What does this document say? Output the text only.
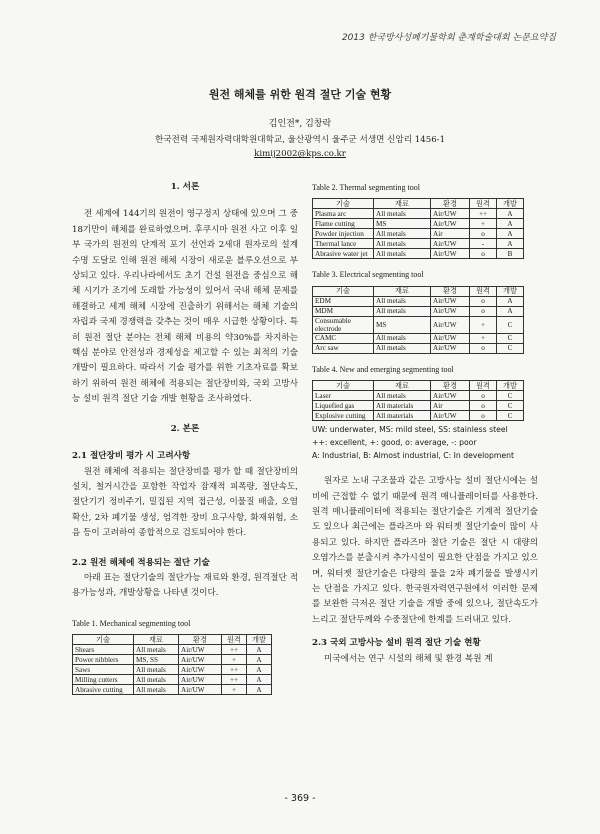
2013 한국방사성폐기물학회 춘계학술대회 논문요약집
원전 해체를 위한 원격 절단 기술 현황
김인전*, 김창락
한국전력 국제원자력대학원대학교, 울산광역시 울주군 서생면 신암리 1456-1
kimij2002@kps.co.kr
1. 서론

전 세계에 144기의 원전이 영구정지 상태에 있으며 그 중 18기만이 해체를 완료하였으며. 후쿠시마 원전 사고 이후 일부 국가의 원전의 단계적 포기 선언과 2세대 원자로의 설계수명 도달로 인해 원전 해체 시장이 새로운 블루오션으로 부상되고 있다. 우리나라에서도 초기 건설 원전을 중심으로 해체 시기가 조기에 도래할 가능성이 있어서 국내 해체 문제를 해결하고 세계 해체 시장에 진출하기 위해서는 해체 기술의 자립과 국제 경쟁력을 갖추는 것이 매우 시급한 상황이다. 특히 원전 절단 분야는 전체 해체 비용의 약30%를 차지하는 핵심 분야로 안전성과 경제성을 제고할 수 있는 최적의 기술 개발이 필요하다. 따라서 기술 평가를 위한 기초자료를 확보하기 위하여 원전 해체에 적용되는 절단장비와, 국외 고방사능 설비 원격 절단 기술 개발 현황을 조사하였다.

2. 본론

2.1 절단장비 평가 시 고려사항

원전 해체에 적용되는 절단장비를 평가 할 때 절단장비의 설치, 철거시간을 포함한 작업자 잠재적 피폭량, 절단속도, 절단기기 정비주기, 밀집된 지역 접근성, 이물질 배출, 오염 확산, 2차 폐기물 생성, 엄격한 장비 요구사항, 화재위험, 소음 등이 고려하여 종합적으로 검토되어야 한다.

2.2 원전 해체에 적용되는 절단 기술

아래 표는 절단기술의 절단가능 재료와 환경, 원격절단 적용가능성과, 개발상황을 나타낸 것이다.

Table 1. Mechanical segmenting tool

기술	재료	환경	원격	개발
Shears	All metals	Air/UW	++	A
Power nibblers	MS, SS	Air/UW	+	A
Saws	All metals	Air/UW	++	A
Milling cutters	All metals	Air/UW	++	A
Abrasive cutting	All metals	Air/UW	+	A

Table 2. Thermal segmenting tool

기술	재료	환경	원격	개발
Plasma arc	All metals	Air/UW	++	A
Flame cutting	MS	Air/UW	+	A
Powder injection	All metals	Air	o	A
Thermal lance	All metals	Air/UW	-	A
Abrasive water jet	All metals	Air/UW	o	B

Table 3. Electrical segmenting tool

기술	재료	환경	원격	개발
EDM	All metals	Air/UW	o	A
MDM	All metals	Air/UW	o	A
Consumable electrode	MS	Air/UW	+	C
CAMC	All metals	Air/UW	+	C
Arc saw	All metals	Air/UW	o	C

Table 4. New and emerging segmenting tool

기술	재료	환경	원격	개발
Laser	All metals	Air/UW	o	C
Liquefied gas	All materials	Air	o	C
Explosive cutting	All materials	Air/UW	o	C

UW: underwater, MS: mild steel, SS: stainless steel

++: excellent, +: good, o: average, -: poor

A: Industrial, B: Almost industrial, C: In development

원자로 노내 구조물과 같은 고방사능 설비 절단시에는 설비에 근접할 수 없기 때문에 원격 매니퓰레이터를 사용한다. 원격 매니퓰레이터에 적용되는 절단기술은 기계적 절단기술도 있으나 최근에는 플라즈마 와 워터젯 절단기술이 많이 사용되고 있다. 하지만 플라즈마 절단 기술은 절단 시 대량의 오염가스를 분출시켜 추가시설이 필요한 단점을 가지고 있으며, 워터젯 절단기술은 다량의 물을 2차 폐기물을 발생시키는 단점을 가지고 있다. 한국원자력연구원에서 이러한 문제를 보완한 극저온 절단 기술을 개발 중에 있으나, 절단속도가 느리고 절단두께와 수중절단에 한계를 드러내고 있다.

2.3 국외 고방사능 설비 원격 절단 기술 현황

미국에서는 연구 시설의 해체 및 환경 복원 계

- 369 -
